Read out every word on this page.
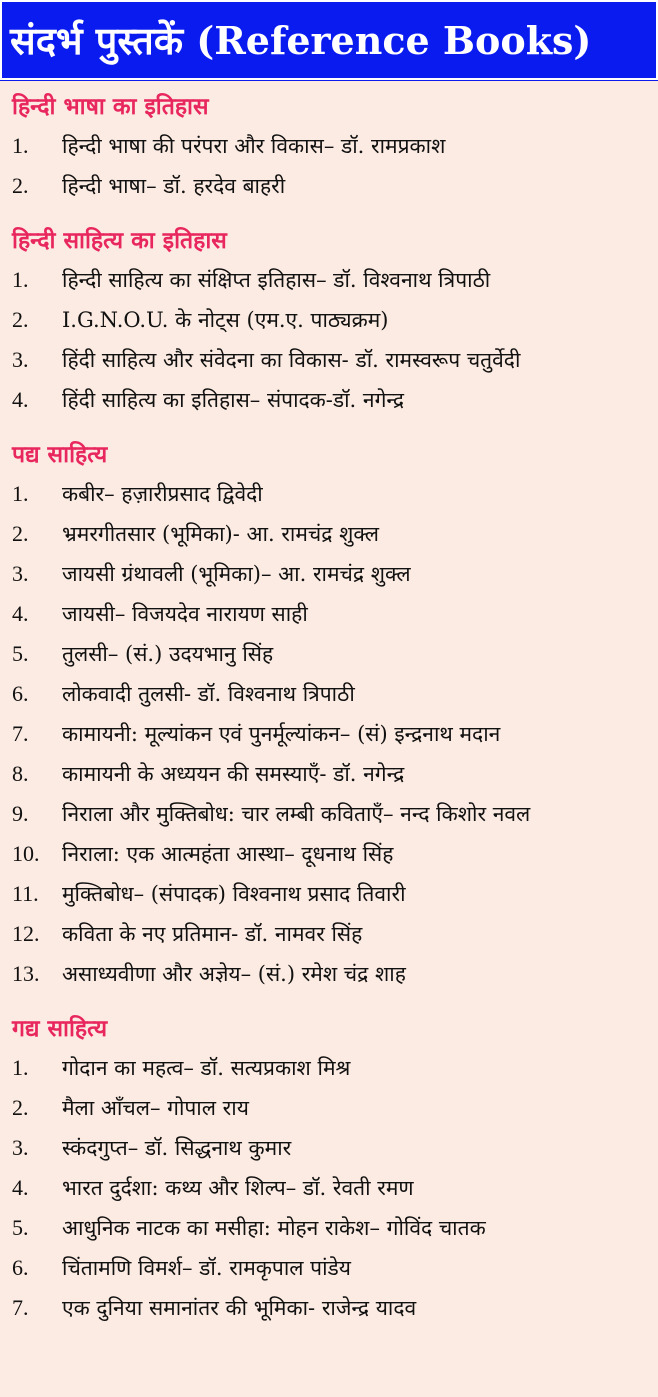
संदर्भ पुस्तकें (Reference Books)
हिन्दी भाषा का इतिहास
1.	हिन्दी भाषा की परंपरा और विकास– डॉ. रामप्रकाश
2.	हिन्दी भाषा– डॉ. हरदेव बाहरी
हिन्दी साहित्य का इतिहास
1.	हिन्दी साहित्य का संक्षिप्त इतिहास– डॉ. विश्वनाथ त्रिपाठी
2.	I.G.N.O.U. के नोट्स (एम.ए. पाठ्यक्रम)
3.	हिंदी साहित्य और संवेदना का विकास- डॉ. रामस्वरूप चतुर्वेदी
4.	हिंदी साहित्य का इतिहास– संपादक-डॉ. नगेन्द्र
पद्य साहित्य
1.	कबीर– हज़ारीप्रसाद द्विवेदी
2.	भ्रमरगीतसार (भूमिका)- आ. रामचंद्र शुक्ल
3.	जायसी ग्रंथावली (भूमिका)– आ. रामचंद्र शुक्ल
4.	जायसी– विजयदेव नारायण साही
5.	तुलसी– (सं.) उदयभानु सिंह
6.	लोकवादी तुलसी- डॉ. विश्वनाथ त्रिपाठी
7.	कामायनी: मूल्यांकन एवं पुनर्मूल्यांकन– (सं) इन्द्रनाथ मदान
8.	कामायनी के अध्ययन की समस्याएँ- डॉ. नगेन्द्र
9.	निराला और मुक्तिबोध: चार लम्बी कविताएँ– नन्द किशोर नवल
10.	निराला: एक आत्महंता आस्था– दूधनाथ सिंह
11.	मुक्तिबोध– (संपादक) विश्वनाथ प्रसाद तिवारी
12.	कविता के नए प्रतिमान- डॉ. नामवर सिंह
13.	असाध्यवीणा और अज्ञेय– (सं.) रमेश चंद्र शाह
गद्य साहित्य
1.	गोदान का महत्व– डॉ. सत्यप्रकाश मिश्र
2.	मैला आँचल– गोपाल राय
3.	स्कंदगुप्त– डॉ. सिद्धनाथ कुमार
4.	भारत दुर्दशा: कथ्य और शिल्प– डॉ. रेवती रमण
5.	आधुनिक नाटक का मसीहा: मोहन राकेश– गोविंद चातक
6.	चिंतामणि विमर्श– डॉ. रामकृपाल पांडेय
7.	एक दुनिया समानांतर की भूमिका- राजेन्द्र यादव
